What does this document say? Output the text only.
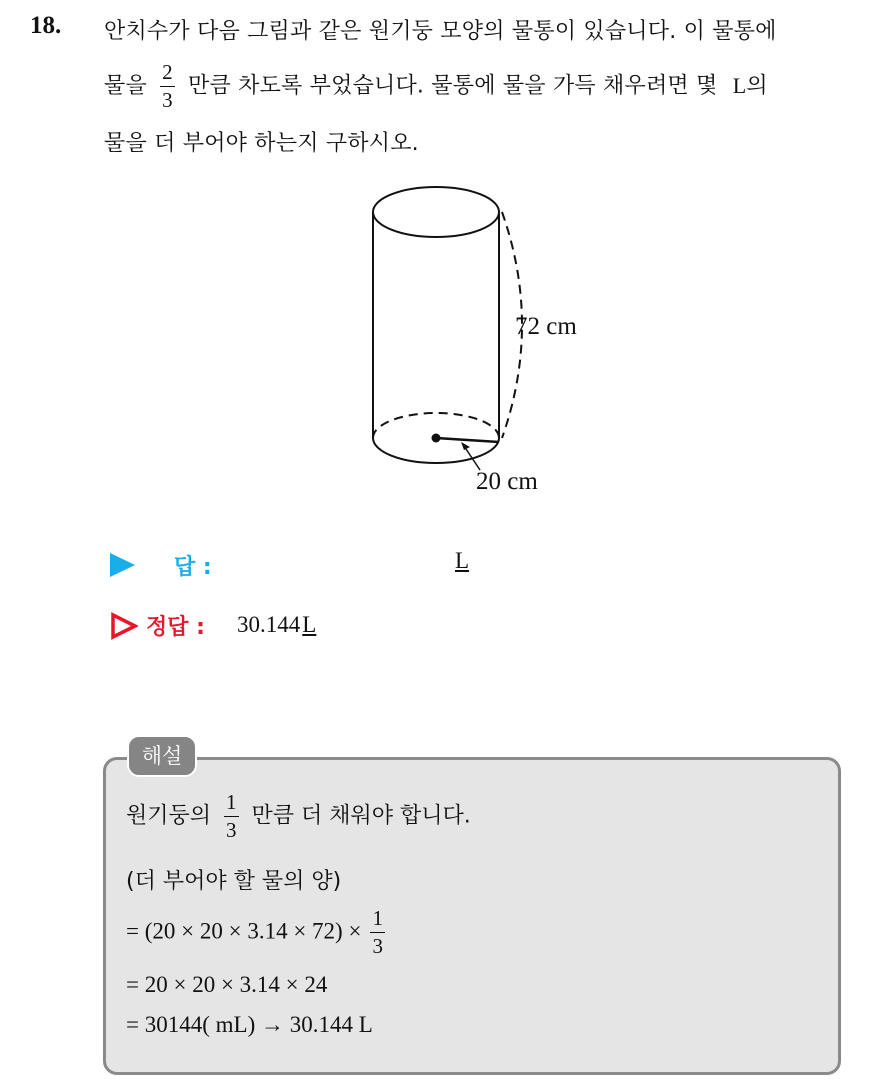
18. 안치수가 다음 그림과 같은 원기둥 모양의 물통이 있습니다. 이 물통에
물을 $\frac{2}{3}$ 만큼 차도록 부었습니다. 물통에 물을 가득 채우려면 몇 L의
물을 더 부어야 하는지 구하시오.
72 cm
20 cm
답 :	L
정답 : 30.144L
해설
원기둥의 $\frac{1}{3}$ 만큼 더 채워야 합니다.
(더 부어야 할 물의 양)
= $(20 \times 20 \times 3.14 \times 72) \times \frac{1}{3}$
= 20 × 20 × 3.14 × 24
= 30144( mL) → 30.144 L
